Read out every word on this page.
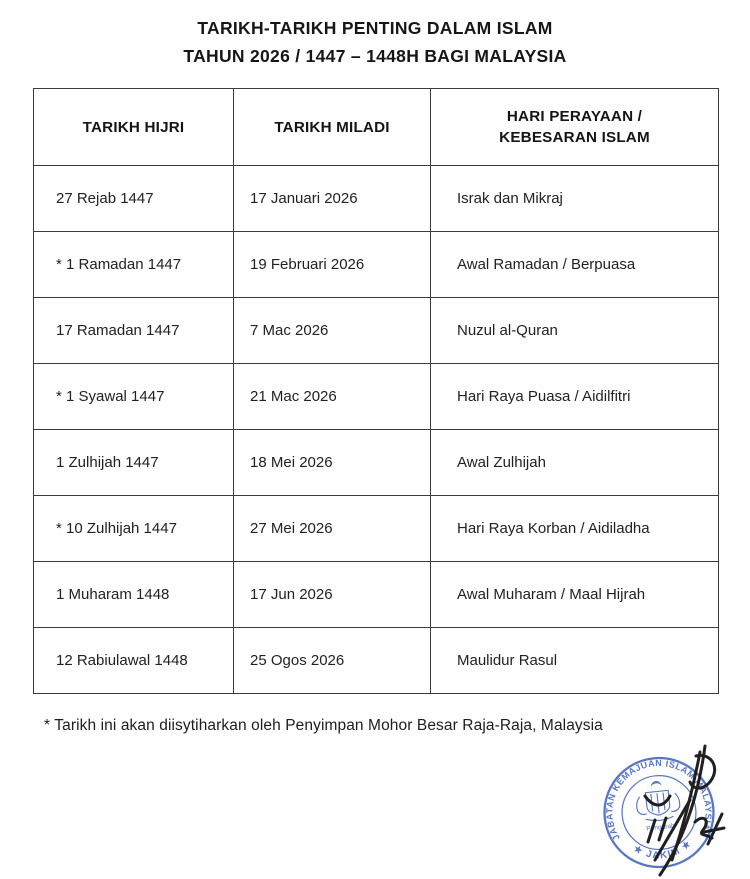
TARIKH-TARIKH PENTING DALAM ISLAM
TAHUN 2026 / 1447 – 1448H BAGI MALAYSIA
TARIKH HIJRI	TARIKH MILADI	HARI PERAYAAN / KEBESARAN ISLAM
27 Rejab 1447	17 Januari 2026	Israk dan Mikraj
* 1 Ramadan 1447	19 Februari 2026	Awal Ramadan / Berpuasa
17 Ramadan 1447	7 Mac 2026	Nuzul al-Quran
* 1 Syawal 1447	21 Mac 2026	Hari Raya Puasa / Aidilfitri
1 Zulhijah 1447	18 Mei 2026	Awal Zulhijah
* 10 Zulhijah 1447	27 Mei 2026	Hari Raya Korban / Aidiladha
1 Muharam 1448	17 Jun 2026	Awal Muharam / Maal Hijrah
12 Rabiulawal 1448	25 Ogos 2026	Maulidur Rasul
* Tarikh ini akan diisytiharkan oleh Penyimpan Mohor Besar Raja-Raja, Malaysia
JABATAN KEMAJUAN ISLAM MALAYSIA
★ JAKIM ★
Pengarah
